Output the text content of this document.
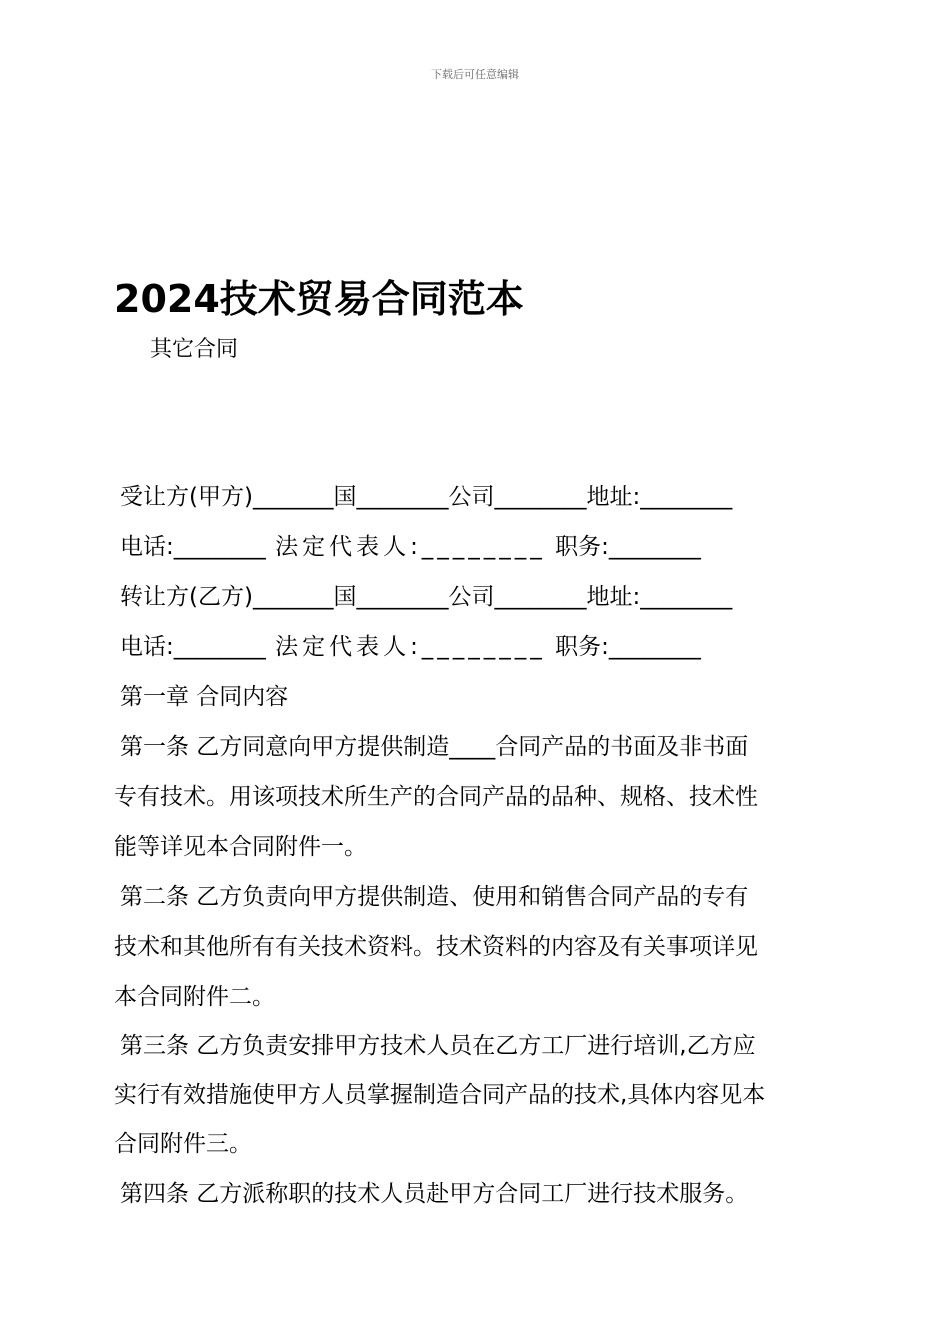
下载后可任意编辑
2024技术贸易合同范本
其它合同
受让方(甲方)_______国________公司________地址:________
电话:________ 法定代表人:________ 职务:________
转让方(乙方)_______国________公司________地址:________
电话:________ 法定代表人:________ 职务:________
第一章 合同内容
第一条 乙方同意向甲方提供制造____合同产品的书面及非书面
专有技术。用该项技术所生产的合同产品的品种、规格、技术性
能等详见本合同附件一。
第二条 乙方负责向甲方提供制造、使用和销售合同产品的专有
技术和其他所有有关技术资料。技术资料的内容及有关事项详见
本合同附件二。
第三条 乙方负责安排甲方技术人员在乙方工厂进行培训,乙方应
实行有效措施使甲方人员掌握制造合同产品的技术,具体内容见本
合同附件三。
第四条 乙方派称职的技术人员赴甲方合同工厂进行技术服务。
